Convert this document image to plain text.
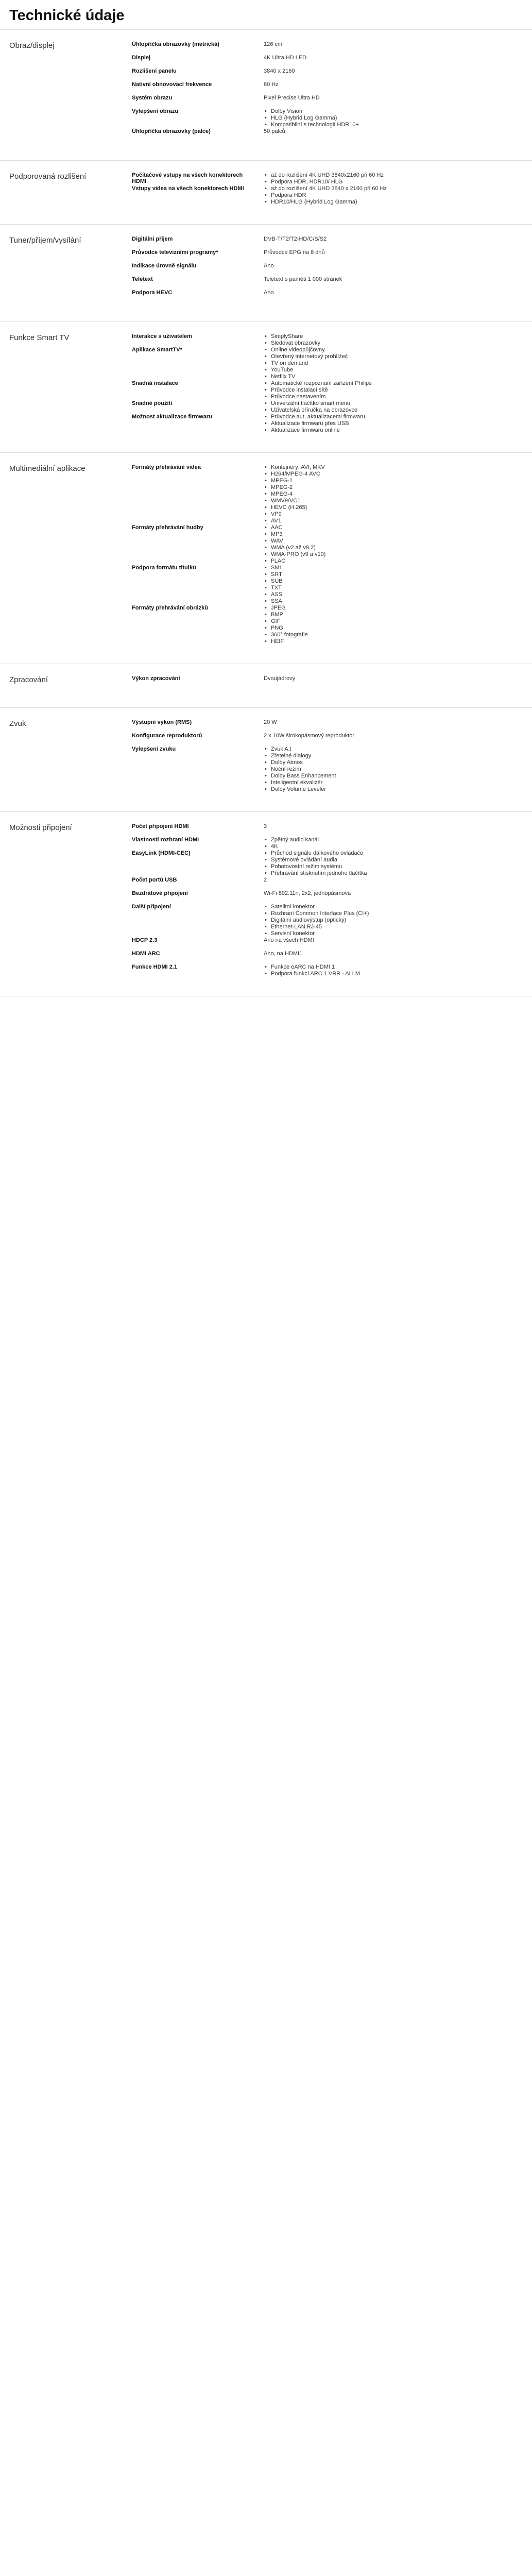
Technické údaje
Obraz/displej	Úhlopříčka obrazovky (metrická)	126 cm
Displej	4K Ultra HD LED
Rozlišení panelu	3840 x 2160
Nativní obnovovací frekvence	60 Hz
Systém obrazu	Pixel Precise Ultra HD
Vylepšení obrazu	• Dolby Vision
• HLG (Hybrid Log Gamma)
• Kompatibilní s technologií HDR10+
Úhlopříčka obrazovky (palce)	50 palců
Podporovaná rozlišení	Počítačové vstupy na všech konektorech HDMI
• až do rozlišení 4K UHD 3840x2160 při 60 Hz
• Podpora HDR, HDR10/ HLG
Vstupy videa na všech konektorech HDMI	• až do rozlišení 4K UHD 3840 x 2160 při 60 Hz
• Podpora HDR
• HDR10/HLG (Hybrid Log Gamma)
Tuner/příjem/vysílání	Digitální příjem	DVB-T/T2/T2-HD/C/S/S2
Průvodce televizními programy*	Průvodce EPG na 8 dnů
Indikace úrovně signálu	Ano
Teletext	Teletext s paměti 1 000 stránek
Podpora HEVC	Ano
Funkce Smart TV	Interakce s uživatelem	• SimplyShare
• Sledovat obrazovky
Aplikace SmartTV*	• Online videopůjčovny
• Otevřený internetový prohlížeč
• TV on demand
• YouTube
• Netflix TV
Snadná instalace	• Automatické rozpoznání zařízení Philips
• Průvodce instalací sítě
• Průvodce nastavením
Snadné použití	• Univerzální tlačítko smart menu
• Uživatelská příručka na obrazovce
Možnost aktualizace firmwaru	• Průvodce aut. aktualizacemi firmwaru
• Aktualizace firmwaru přes USB
• Aktualizace firmwaru online
Multimediální aplikace	Formáty přehrávání videa	• Kontejnery: AVI, MKV
• H264/MPEG-4 AVC
• MPEG-1
• MPEG-2
• MPEG-4
• WMV9/VC1
• HEVC (H.265)
• VP9
• AV1
Formáty přehrávání hudby	• AAC
• MP3
• WAV
• WMA (v2 až v9.2)
• WMA-PRO (v9 a v10)
• FLAC
Podpora formátu titulků	• SMI
• SRT
• SUB
• TXT
• ASS
• SSA
Formáty přehrávání obrázků	• JPEG
• BMP
• GIF
• PNG
• 360° fotografie
• HEIF
Zpracování	Výkon zpracování	Dvoujádrový
Zvuk	Výstupní výkon (RMS)	20 W
Konfigurace reproduktorů	2 x 10W širokopásmový reproduktor
Vylepšení zvuku	• Zvuk A.I
• Zřetelné dialogy
• Dolby Atmos
• Noční režim
• Dolby Bass Enhancement
• Inteligentní ekvalizér
• Dolby Volume Leveler
Možnosti připojení	Počet připojení HDMI	3
Vlastnosti rozhraní HDMI	• Zpětný audio kanál
• 4K
EasyLink (HDMI-CEC)	• Průchod signálu dálkového ovladače
• Systémové ovládání audia
• Pohotovostní režim systému
• Přehrávání stisknutím jednoho tlačítka
Počet portů USB	2
Bezdrátové připojení	Wi-Fi 802.11n, 2x2, jednopásmová
Další připojení	• Satelitní konektor
• Rozhraní Common Interface Plus (CI+)
• Digitální audiovýstup (optický)
• Ethernet-LAN RJ-45
• Servisní konektor
HDCP 2.3	Ano na všech HDMI
HDMI ARC	Ano, na HDMI1
Funkce HDMI 2.1	• Funkce eARC na HDMI 1
• Podpora funkcí ARC 1 VRR - ALLM
